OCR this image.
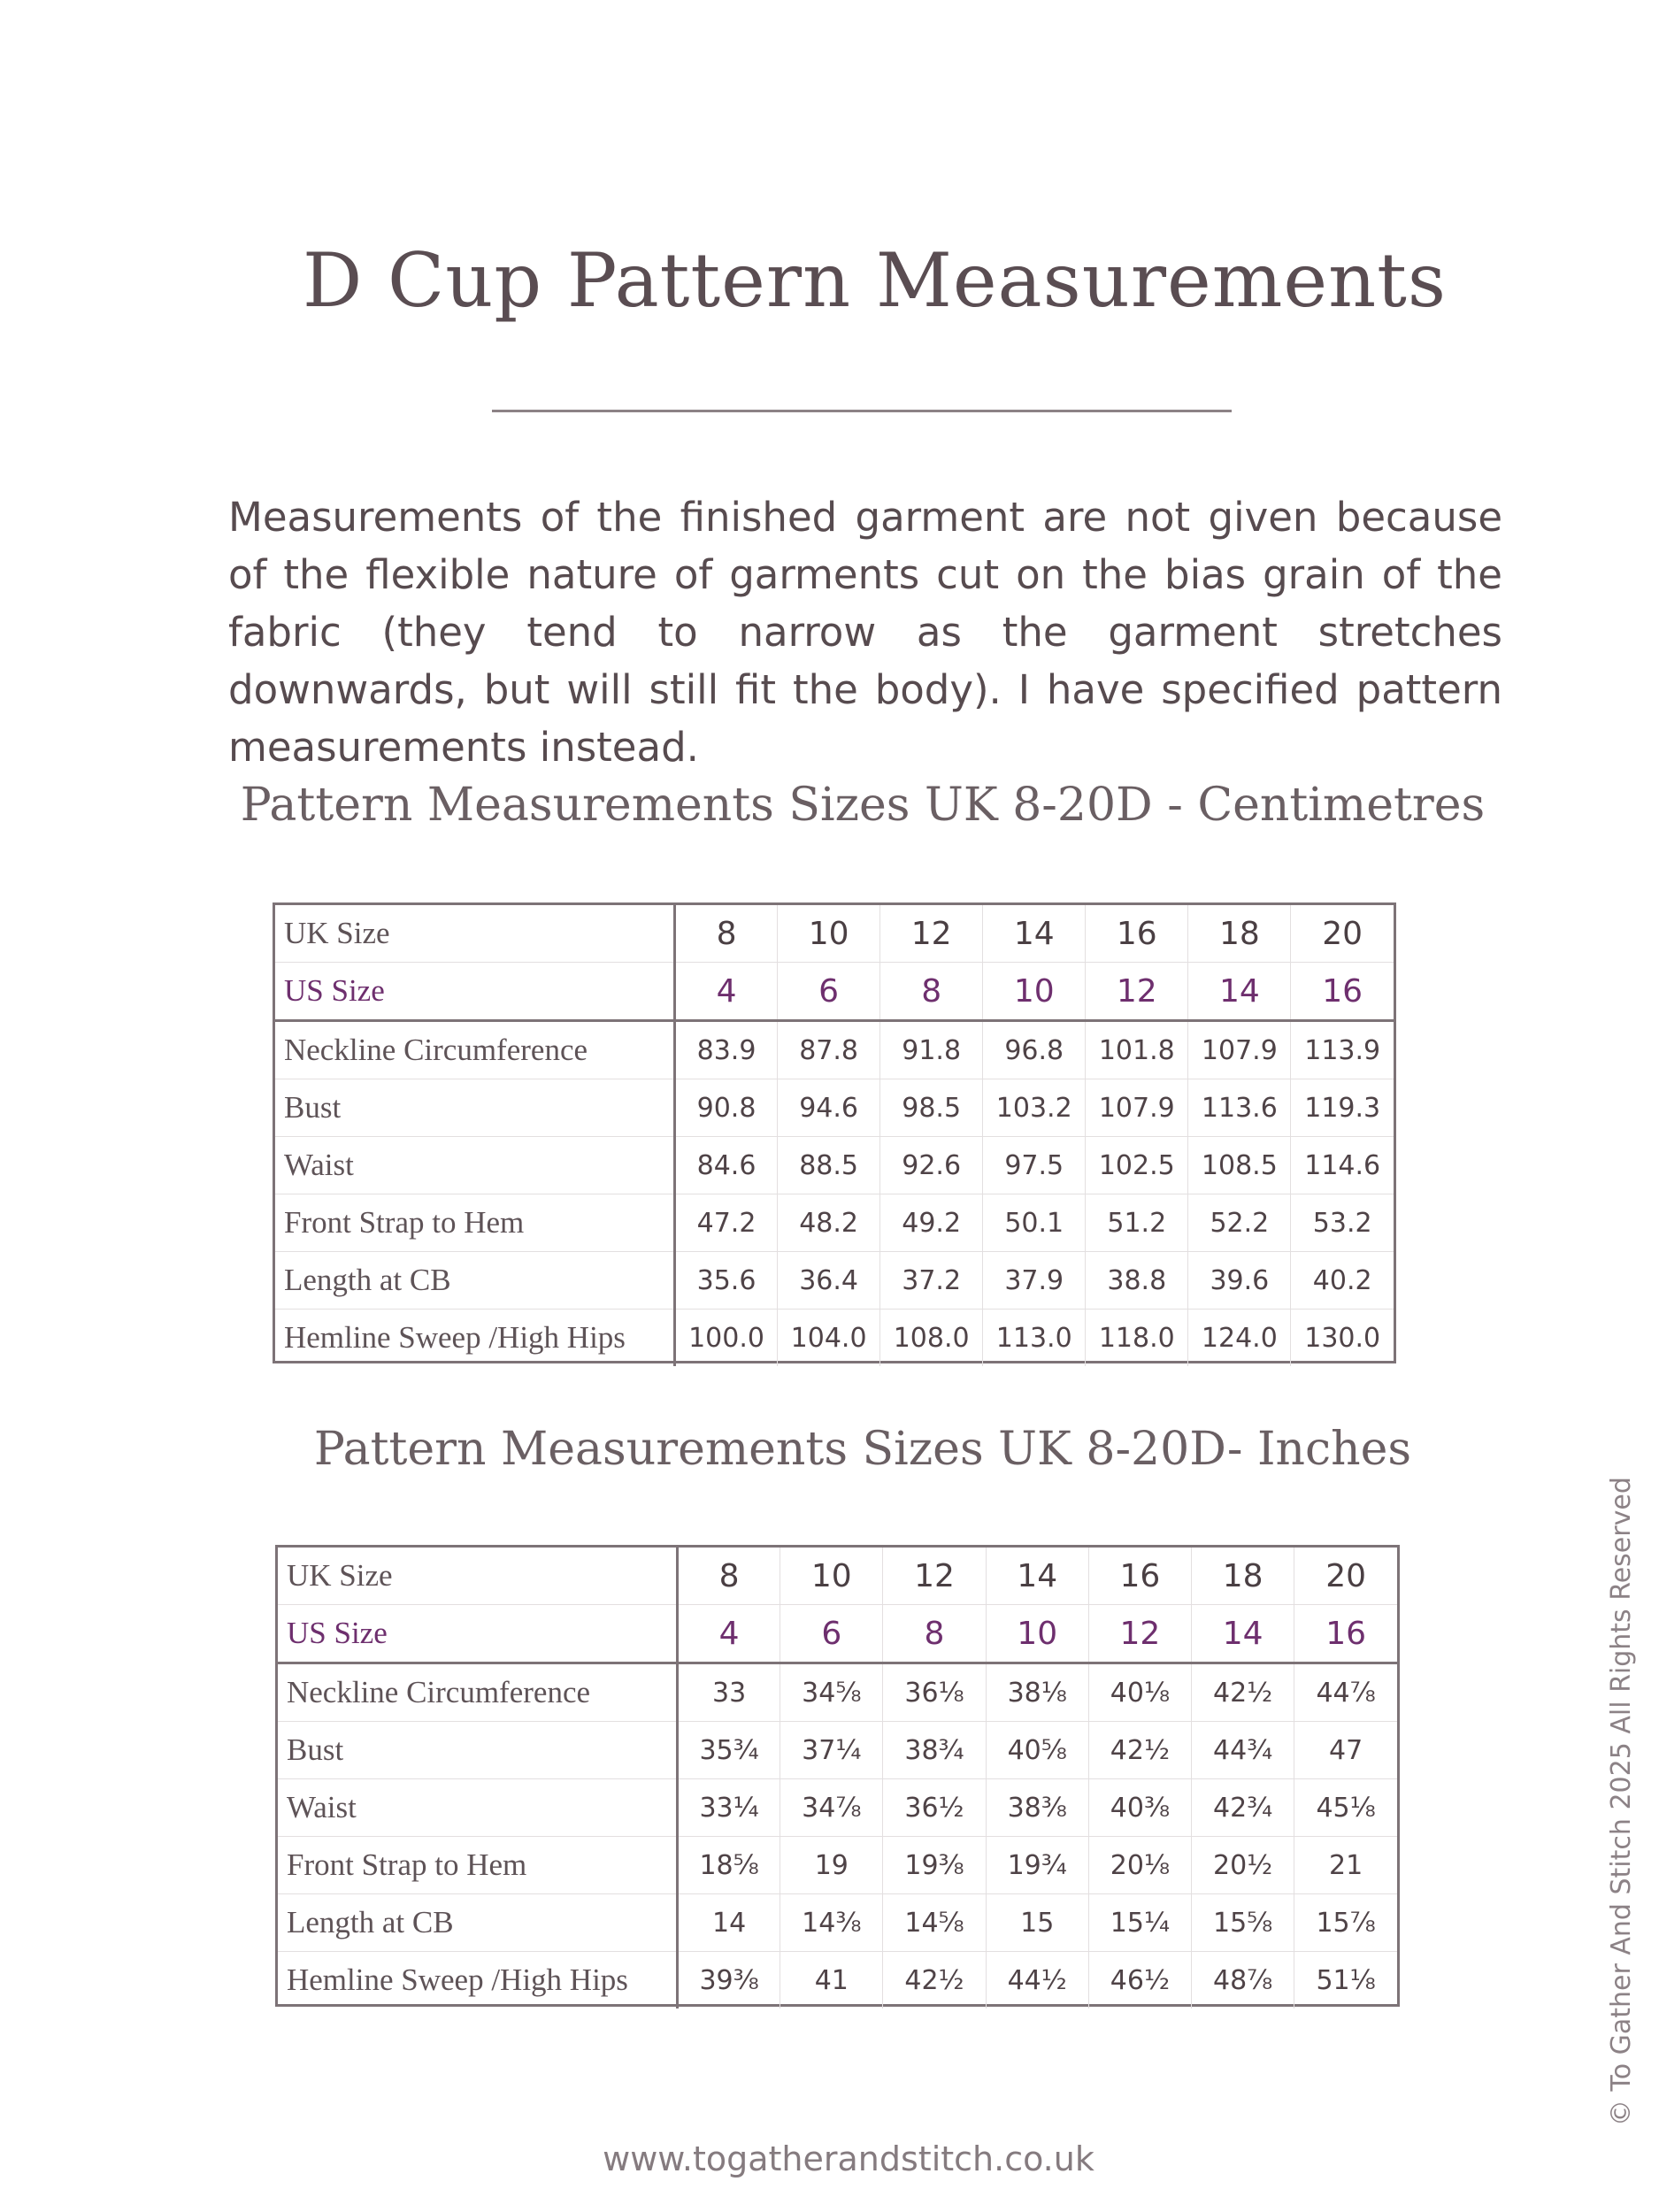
D Cup Pattern Measurements

Measurements of the finished garment are not given because of the flexible nature of garments cut on the bias grain of the fabric (they tend to narrow as the garment stretches downwards, but will still fit the body). I have specified pattern measurements instead.

Pattern Measurements Sizes UK 8-20D - Centimetres
UK Size	8	10	12	14	16	18	20
US Size	4	6	8	10	12	14	16
Neckline Circumference	83.9	87.8	91.8	96.8	101.8	107.9	113.9
Bust	90.8	94.6	98.5	103.2	107.9	113.6	119.3
Waist	84.6	88.5	92.6	97.5	102.5	108.5	114.6
Front Strap to Hem	47.2	48.2	49.2	50.1	51.2	52.2	53.2
Length at CB	35.6	36.4	37.2	37.9	38.8	39.6	40.2
Hemline Sweep /High Hips	100.0	104.0	108.0	113.0	118.0	124.0	130.0
Pattern Measurements Sizes UK 8-20D- Inches
UK Size	8	10	12	14	16	18	20
US Size	4	6	8	10	12	14	16
Neckline Circumference	33	34⅝	36⅛	38⅛	40⅛	42½	44⅞
Bust	35¾	37¼	38¾	40⅝	42½	44¾	47
Waist	33¼	34⅞	36½	38⅜	40⅜	42¾	45⅛
Front Strap to Hem	18⅝	19	19⅜	19¾	20⅛	20½	21
Length at CB	14	14⅜	14⅝	15	15¼	15⅝	15⅞
Hemline Sweep /High Hips	39⅜	41	42½	44½	46½	48⅞	51⅛
www.togatherandstitch.co.uk
© To Gather And Stitch 2025 All Rights Reserved
